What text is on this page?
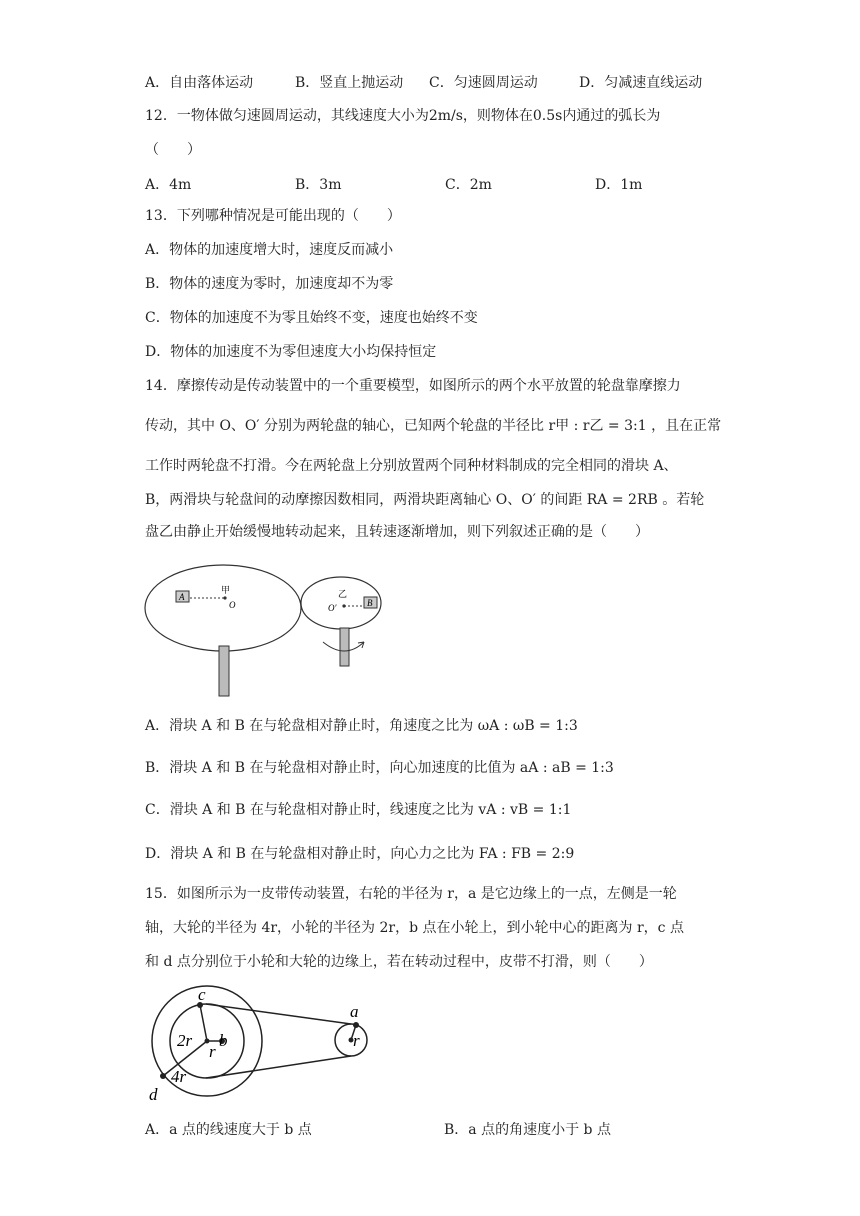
A．自由落体运动	B．竖直上抛运动 C．匀速圆周运动	D．匀减速直线运动
12．一物体做匀速圆周运动，其线速度大小为2m/s，则物体在0.5s内通过的弧长为
（　　）
A．4m	B．3m	C．2m	D．1m
13．下列哪种情况是可能出现的（　　）
A．物体的加速度增大时，速度反而减小
B．物体的速度为零时，加速度却不为零
C．物体的加速度不为零且始终不变，速度也始终不变
D．物体的加速度不为零但速度大小均保持恒定
14．摩擦传动是传动装置中的一个重要模型，如图所示的两个水平放置的轮盘靠摩擦力
传动，其中 O、O′ 分别为两轮盘的轴心，已知两个轮盘的半径比 r甲 : r乙 = 3:1 ，且在正常
工作时两轮盘不打滑。今在两轮盘上分别放置两个同种材料制成的完全相同的滑块 A、
B，两滑块与轮盘间的动摩擦因数相同，两滑块距离轴心 O、O′ 的间距 RA = 2RB 。若轮
盘乙由静止开始缓慢地转动起来，且转速逐渐增加，则下列叙述正确的是（　　）
A
甲
O
乙
O′	B
A．滑块 A 和 B 在与轮盘相对静止时，角速度之比为 ωA : ωB = 1:3
B．滑块 A 和 B 在与轮盘相对静止时，向心加速度的比值为 aA : aB = 1:3
C．滑块 A 和 B 在与轮盘相对静止时，线速度之比为 vA : vB = 1:1
D．滑块 A 和 B 在与轮盘相对静止时，向心力之比为 FA : FB = 2:9
15．如图所示为一皮带传动装置，右轮的半径为 r，a 是它边缘上的一点，左侧是一轮
轴，大轮的半径为 4r，小轮的半径为 2r，b 点在小轮上，到小轮中心的距离为 r，c 点
和 d 点分别位于小轮和大轮的边缘上，若在转动过程中，皮带不打滑，则（　　）
c
2r
r
b
4r
d
a
r
A．a 点的线速度大于 b 点	B．a 点的角速度小于 b 点
